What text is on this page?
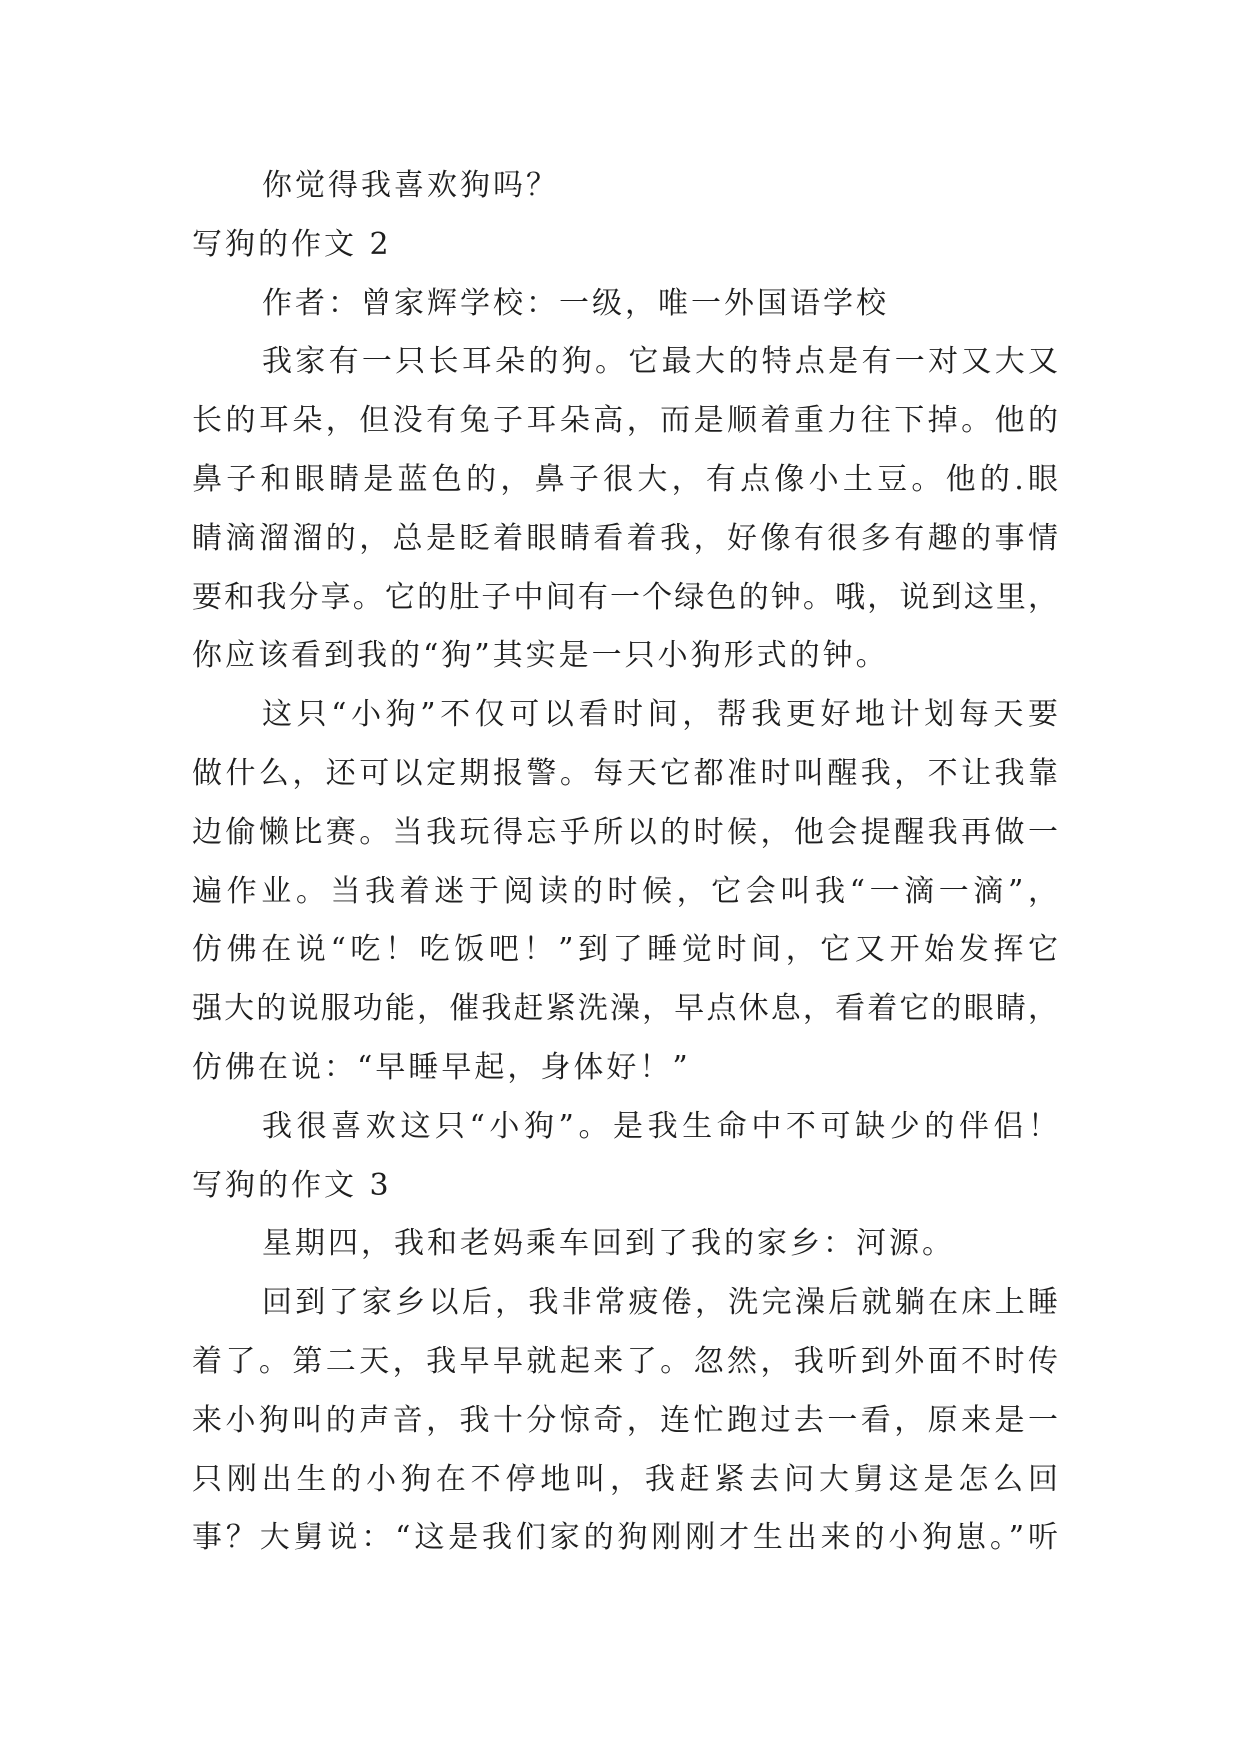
你觉得我喜欢狗吗？
写狗的作文 2
作者：曾家辉学校：一级，唯一外国语学校
我家有一只长耳朵的狗。它最大的特点是有一对又大又
长的耳朵，但没有兔子耳朵高，而是顺着重力往下掉。他的
鼻子和眼睛是蓝色的，鼻子很大，有点像小土豆。他的.眼
睛滴溜溜的，总是眨着眼睛看着我，好像有很多有趣的事情
要和我分享。它的肚子中间有一个绿色的钟。哦，说到这里，
你应该看到我的“狗”其实是一只小狗形式的钟。
这只“小狗”不仅可以看时间，帮我更好地计划每天要
做什么，还可以定期报警。每天它都准时叫醒我，不让我靠
边偷懒比赛。当我玩得忘乎所以的时候，他会提醒我再做一
遍作业。当我着迷于阅读的时候，它会叫我“一滴一滴”，
仿佛在说“吃！吃饭吧！”到了睡觉时间，它又开始发挥它
强大的说服功能，催我赶紧洗澡，早点休息，看着它的眼睛，
仿佛在说：“早睡早起，身体好！”
我很喜欢这只“小狗”。是我生命中不可缺少的伴侣！
写狗的作文 3
星期四，我和老妈乘车回到了我的家乡：河源。
回到了家乡以后，我非常疲倦，洗完澡后就躺在床上睡
着了。第二天，我早早就起来了。忽然，我听到外面不时传
来小狗叫的声音，我十分惊奇，连忙跑过去一看，原来是一
只刚出生的小狗在不停地叫，我赶紧去问大舅这是怎么回
事？大舅说：“这是我们家的狗刚刚才生出来的小狗崽。”听
